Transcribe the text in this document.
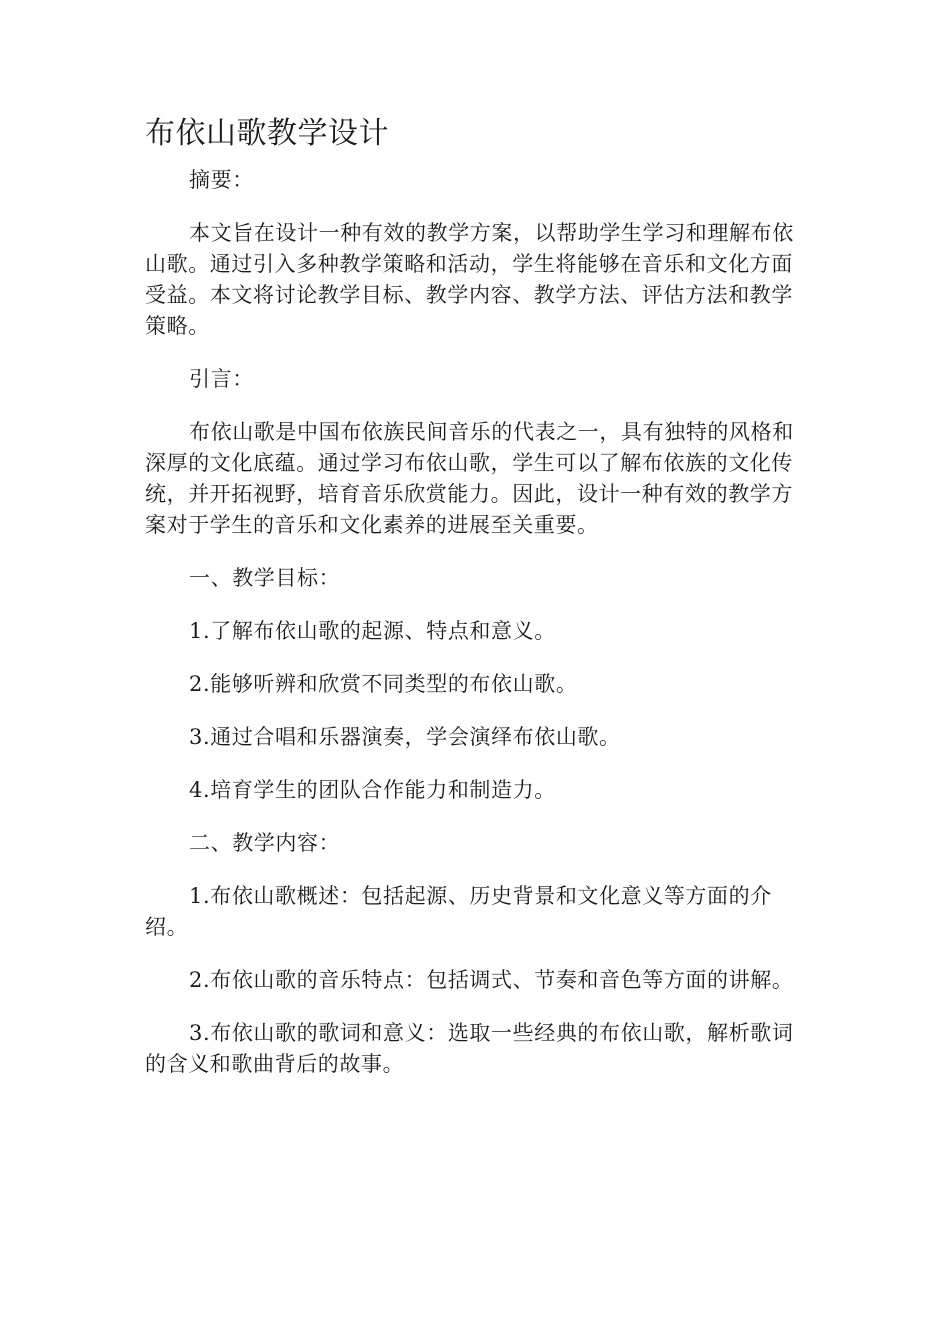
布依山歌教学设计

摘要：

本文旨在设计一种有效的教学方案，以帮助学生学习和理解布依山歌。通过引入多种教学策略和活动，学生将能够在音乐和文化方面受益。本文将讨论教学目标、教学内容、教学方法、评估方法和教学策略。

引言：

布依山歌是中国布依族民间音乐的代表之一，具有独特的风格和深厚的文化底蕴。通过学习布依山歌，学生可以了解布依族的文化传统，并开拓视野，培育音乐欣赏能力。因此，设计一种有效的教学方案对于学生的音乐和文化素养的进展至关重要。

一、教学目标：

1.了解布依山歌的起源、特点和意义。

2.能够听辨和欣赏不同类型的布依山歌。

3.通过合唱和乐器演奏，学会演绎布依山歌。

4.培育学生的团队合作能力和制造力。

二、教学内容：

1.布依山歌概述：包括起源、历史背景和文化意义等方面的介绍。

2.布依山歌的音乐特点：包括调式、节奏和音色等方面的讲解。

3.布依山歌的歌词和意义：选取一些经典的布依山歌，解析歌词的含义和歌曲背后的故事。
